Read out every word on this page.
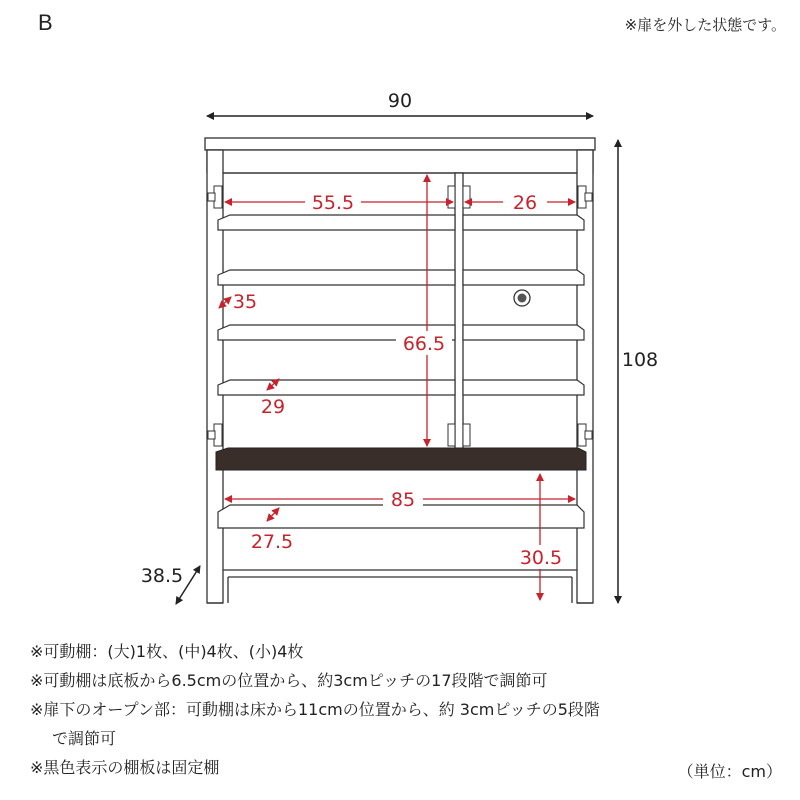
B	※扉を外した状態です。
90
108
38.5
55.5	26
66.5
85
30.5
35
29
27.5
※可動棚：(大)1枚、(中)4枚、(小)4枚
※可動棚は底板から6.5cmの位置から、約3cmピッチの17段階で調節可
※扉下のオープン部：可動棚は床から11cmの位置から、約 3cmピッチの5段階
で調節可
※黒色表示の棚板は固定棚	（単位：cm）
